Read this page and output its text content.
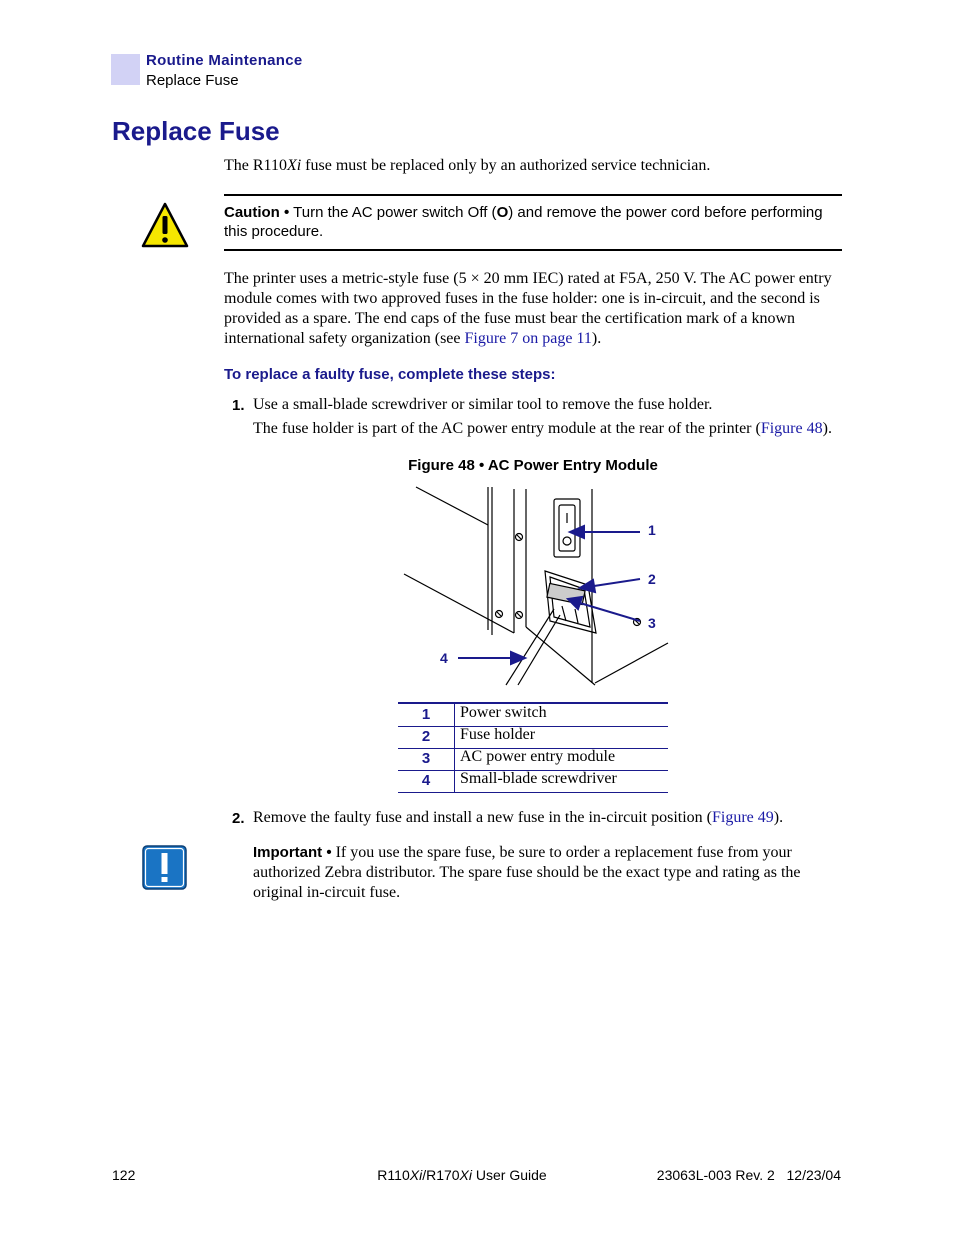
Routine Maintenance
Replace Fuse
Replace Fuse
The R110Xi fuse must be replaced only by an authorized service technician.
Caution • Turn the AC power switch Off (O) and remove the power cord before performing this procedure.
The printer uses a metric-style fuse (5 × 20 mm IEC) rated at F5A, 250 V. The AC power entry module comes with two approved fuses in the fuse holder: one is in-circuit, and the second is provided as a spare. The end caps of the fuse must bear the certification mark of a known international safety organization (see Figure 7 on page 11).
To replace a faulty fuse, complete these steps:
1. Use a small-blade screwdriver or similar tool to remove the fuse holder.
The fuse holder is part of the AC power entry module at the rear of the printer (Figure 48).
Figure 48 • AC Power Entry Module
1
2
3
4
1	Power switch
2	Fuse holder
3	AC power entry module
4	Small-blade screwdriver
2. Remove the faulty fuse and install a new fuse in the in-circuit position (Figure 49).
Important • If you use the spare fuse, be sure to order a replacement fuse from your authorized Zebra distributor. The spare fuse should be the exact type and rating as the original in-circuit fuse.
122	R110Xi/R170Xi User Guide	23063L-003 Rev. 2   12/23/04
